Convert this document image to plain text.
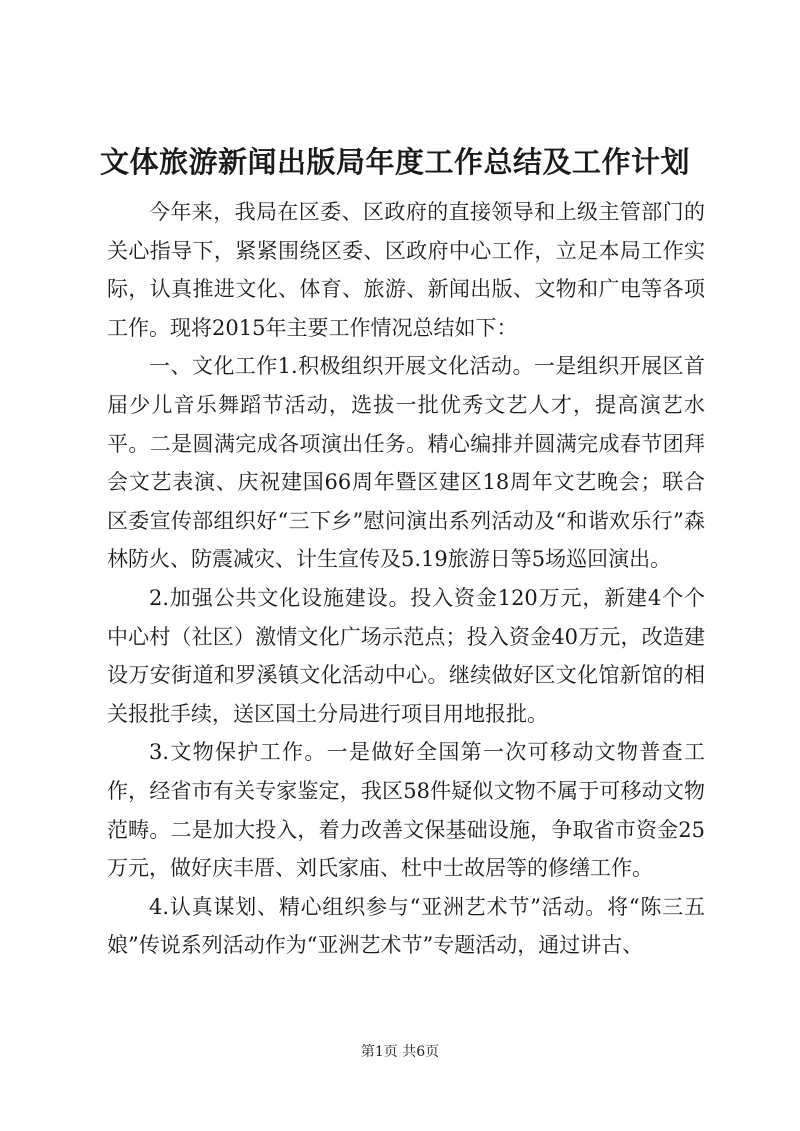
文体旅游新闻出版局年度工作总结及工作计划

今年来，我局在区委、区政府的直接领导和上级主管部门的关心指导下，紧紧围绕区委、区政府中心工作，立足本局工作实际，认真推进文化、体育、旅游、新闻出版、文物和广电等各项工作。现将2015年主要工作情况总结如下：

一、文化工作1.积极组织开展文化活动。一是组织开展区首届少儿音乐舞蹈节活动，选拔一批优秀文艺人才，提高演艺水平。二是圆满完成各项演出任务。精心编排并圆满完成春节团拜会文艺表演、庆祝建国66周年暨区建区18周年文艺晚会；联合区委宣传部组织好“三下乡”慰问演出系列活动及“和谐欢乐行”森林防火、防震减灾、计生宣传及5.19旅游日等5场巡回演出。

2.加强公共文化设施建设。投入资金120万元，新建4个个中心村（社区）激情文化广场示范点；投入资金40万元，改造建设万安街道和罗溪镇文化活动中心。继续做好区文化馆新馆的相关报批手续，送区国土分局进行项目用地报批。

3.文物保护工作。一是做好全国第一次可移动文物普查工作，经省市有关专家鉴定，我区58件疑似文物不属于可移动文物范畴。二是加大投入，着力改善文保基础设施，争取省市资金25万元，做好庆丰厝、刘氏家庙、杜中士故居等的修缮工作。

4.认真谋划、精心组织参与“亚洲艺术节”活动。将“陈三五娘”传说系列活动作为“亚洲艺术节”专题活动，通过讲古、

第1页 共6页
